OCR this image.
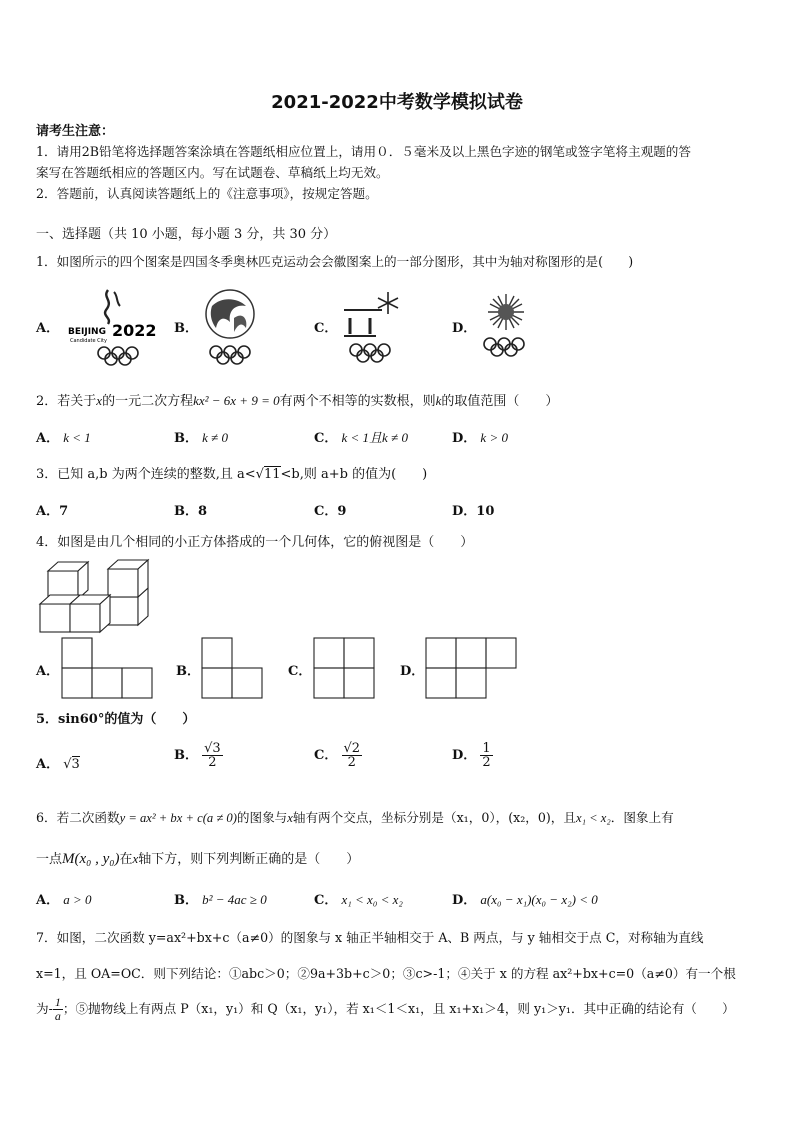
2021-2022中考数学模拟试卷
请考生注意：
1．请用2B铅笔将选择题答案涂填在答题纸相应位置上，请用０．５毫米及以上黑色字迹的钢笔或签字笔将主观题的答
案写在答题纸相应的答题区内。写在试题卷、草稿纸上均无效。
2．答题前，认真阅读答题纸上的《注意事项》，按规定答题。
一、选择题（共 10 小题，每小题 3 分，共 30 分）
1．如图所示的四个图案是四国冬季奥林匹克运动会会徽图案上的一部分图形，其中为轴对称图形的是(　　)
A．	B．	C．	D．
BEIJING 2022
Candidate City
2．若关于x的一元二次方程kx² − 6x + 9 = 0有两个不相等的实数根，则k的取值范围（　　）
A． k < 1	B． k ≠ 0	C． k < 1且k ≠ 0	D． k > 0
3．已知 a,b 为两个连续的整数,且 a<√11<b,则 a+b 的值为(　　)
A．7	B．8	C．9	D．10
4．如图是由几个相同的小正方体搭成的一个几何体，它的俯视图是（　　）
A．	B．	C．	D．
5．sin60°的值为（　　）
A． √3
B． $\frac{√3}{2}$	C． $\frac{√2}{2}$	D． $\frac{1}{2}$
6．若二次函数y = ax² + bx + c(a ≠ 0)的图象与x轴有两个交点，坐标分别是（x₁，0），(x₂，0)，且x₁ < x₂．图象上有
一点M(x₀ , y₀)在x轴下方，则下列判断正确的是（　　）
A． a > 0	B． b² − 4ac ≥ 0	C． x₁ < x₀ < x₂	D． a(x₀ − x₁)(x₀ − x₂) < 0
7．如图，二次函数 y=ax²+bx+c（a≠0）的图象与 x 轴正半轴相交于 A、B 两点，与 y 轴相交于点 C，对称轴为直线
x=1，且 OA=OC．则下列结论：①abc＞0；②9a+3b+c＞0；③c>-1；④关于 x 的方程 ax²+bx+c=0（a≠0）有一个根
为- $\frac{1}{a}$ ；⑤抛物线上有两点 P（x₁，y₁）和 Q（x₁，y₁），若 x₁＜1＜x₁，且 x₁+x₁＞4，则 y₁＞y₁．其中正确的结论有（　　）
